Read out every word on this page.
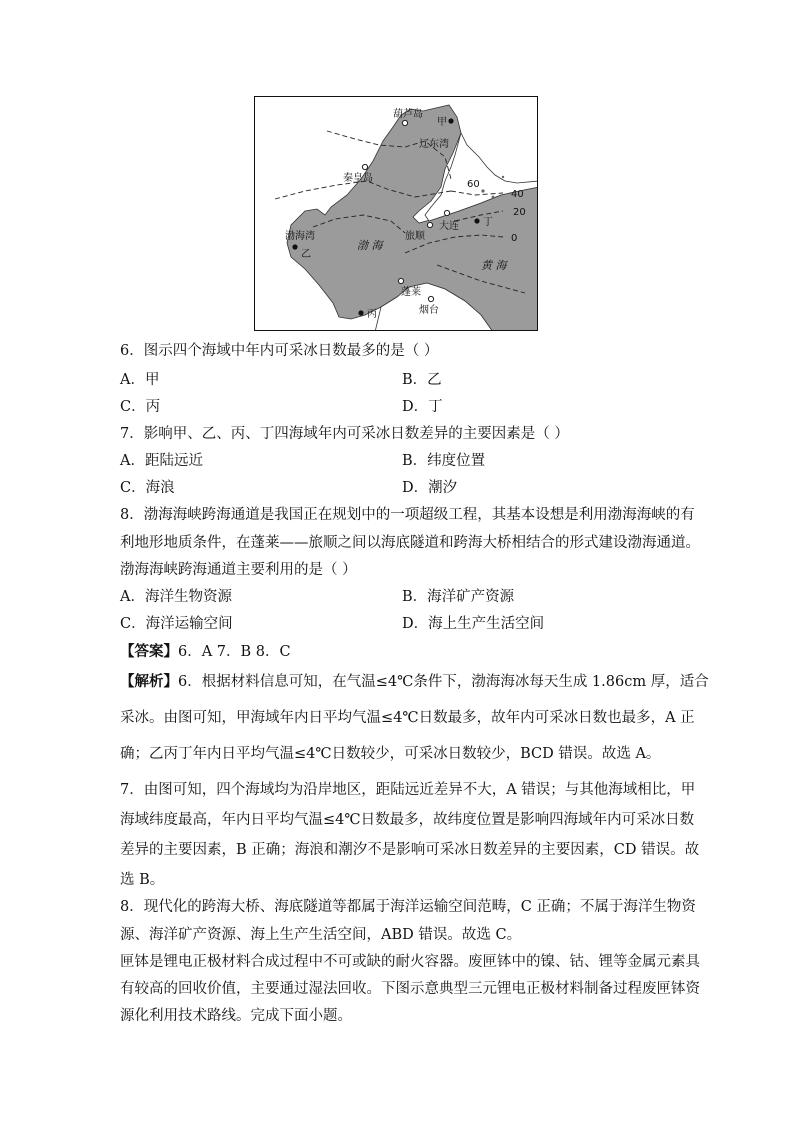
葫芦岛
甲
辽东湾
秦皇岛
渤海湾
乙
渤 海
旅顺
大连 丁
黄 海
蓬莱
烟台
丙
60
40
20
0
6．图示四个海域中年内可采冰日数最多的是（ ）
A．甲	B．乙
C．丙	D．丁
7．影响甲、乙、丙、丁四海域年内可采冰日数差异的主要因素是（ ）
A．距陆远近	B．纬度位置
C．海浪	D．潮汐
8．渤海海峡跨海通道是我国正在规划中的一项超级工程，其基本设想是利用渤海海峡的有
利地形地质条件，在蓬莱——旅顺之间以海底隧道和跨海大桥相结合的形式建设渤海通道。
渤海海峡跨海通道主要利用的是（ ）
A．海洋生物资源	B．海洋矿产资源
C．海洋运输空间	D．海上生产生活空间
【答案】6．A 7．B 8．C
【解析】6．根据材料信息可知，在气温≤4℃条件下，渤海海冰每天生成 1.86cm 厚，适合
采冰。由图可知，甲海域年内日平均气温≤4℃日数最多，故年内可采冰日数也最多，A 正
确；乙丙丁年内日平均气温≤4℃日数较少，可采冰日数较少，BCD 错误。故选 A。
7．由图可知，四个海域均为沿岸地区，距陆远近差异不大，A 错误；与其他海域相比，甲
海域纬度最高，年内日平均气温≤4℃日数最多，故纬度位置是影响四海域年内可采冰日数
差异的主要因素，B 正确；海浪和潮汐不是影响可采冰日数差异的主要因素，CD 错误。故
选 B。
8．现代化的跨海大桥、海底隧道等都属于海洋运输空间范畴，C 正确；不属于海洋生物资
源、海洋矿产资源、海上生产生活空间，ABD 错误。故选 C。
匣钵是锂电正极材料合成过程中不可或缺的耐火容器。废匣钵中的镍、钴、锂等金属元素具
有较高的回收价值，主要通过湿法回收。下图示意典型三元锂电正极材料制备过程废匣钵资
源化利用技术路线。完成下面小题。
